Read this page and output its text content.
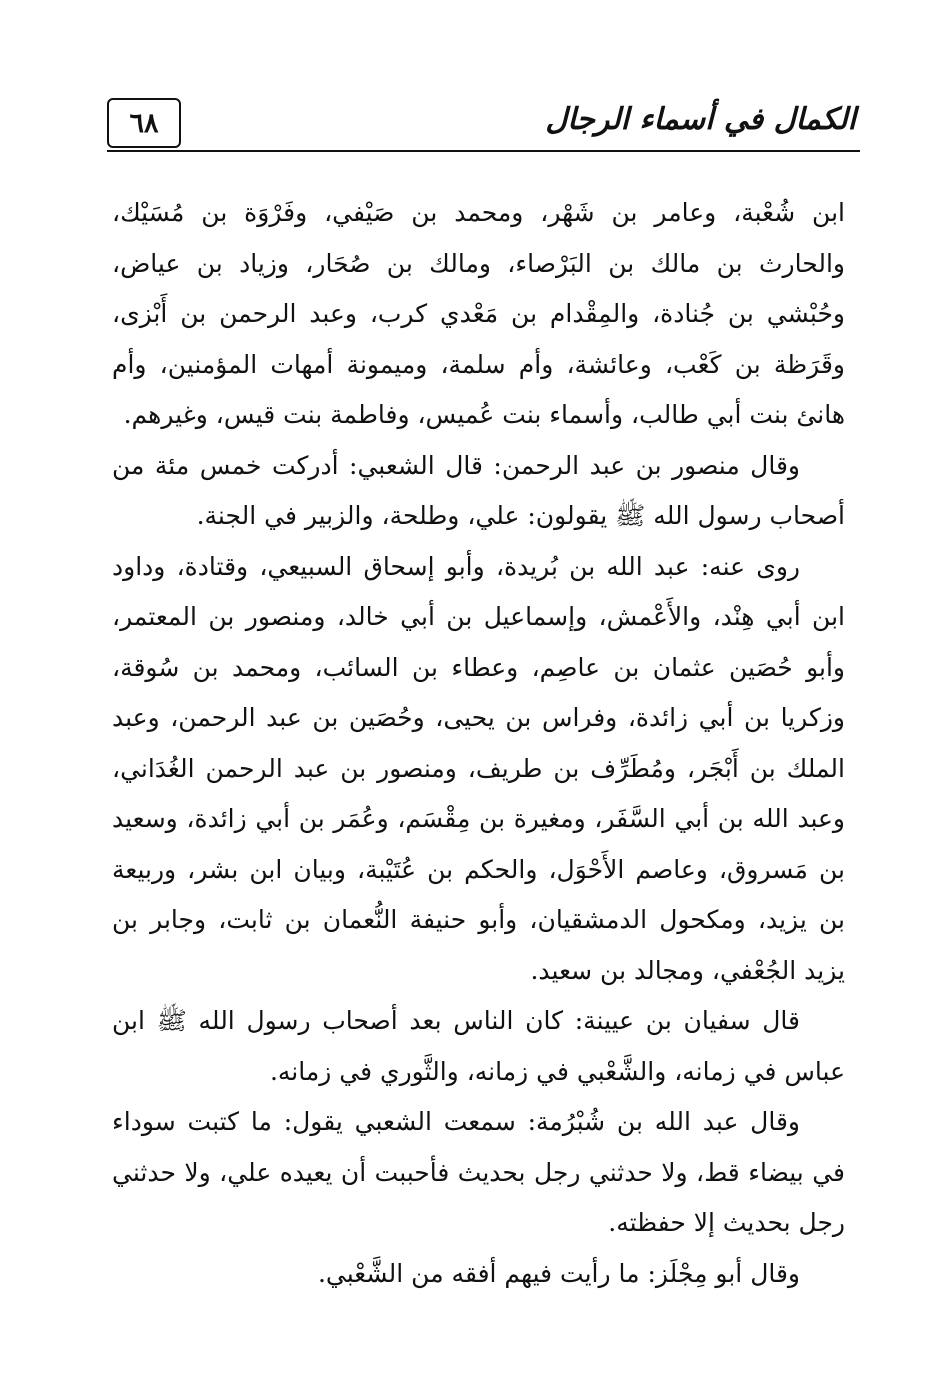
٦٨	الكمال في أسماء الرجال

ابن شُعْبة، وعامر بن شَهْر، ومحمد بن صَيْفي، وفَرْوَة بن مُسَيْك، والحارث بن مالك بن البَرْصاء، ومالك بن صُحَار، وزياد بن عياض، وحُبْشي بن جُنادة، والمِقْدام بن مَعْدي كرب، وعبد الرحمن بن أَبْزى، وقَرَظة بن كَعْب، وعائشة، وأم سلمة، وميمونة أمهات المؤمنين، وأم هانئ بنت أبي طالب، وأسماء بنت عُميس، وفاطمة بنت قيس، وغيرهم.

وقال منصور بن عبد الرحمن: قال الشعبي: أدركت خمس مئة من أصحاب رسول الله ﷺ يقولون: علي، وطلحة، والزبير في الجنة.

روى عنه: عبد الله بن بُريدة، وأبو إسحاق السبيعي، وقتادة، وداود ابن أبي هِنْد، والأَعْمش، وإسماعيل بن أبي خالد، ومنصور بن المعتمر، وأبو حُصَين عثمان بن عاصِم، وعطاء بن السائب، ومحمد بن سُوقة، وزكريا بن أبي زائدة، وفراس بن يحيى، وحُصَين بن عبد الرحمن، وعبد الملك بن أَبْجَر، ومُطَرِّف بن طريف، ومنصور بن عبد الرحمن الغُدَاني، وعبد الله بن أبي السَّفَر، ومغيرة بن مِقْسَم، وعُمَر بن أبي زائدة، وسعيد بن مَسروق، وعاصم الأَحْوَل، والحكم بن عُتَيْبة، وبيان ابن بشر، وربيعة بن يزيد، ومكحول الدمشقيان، وأبو حنيفة النُّعمان بن ثابت، وجابر بن يزيد الجُعْفي، ومجالد بن سعيد.

قال سفيان بن عيينة: كان الناس بعد أصحاب رسول الله ﷺ ابن عباس في زمانه، والشَّعْبي في زمانه، والثَّوري في زمانه.

وقال عبد الله بن شُبْرُمة: سمعت الشعبي يقول: ما كتبت سوداء في بيضاء قط، ولا حدثني رجل بحديث فأحببت أن يعيده علي، ولا حدثني رجل بحديث إلا حفظته.

وقال أبو مِجْلَز: ما رأيت فيهم أفقه من الشَّعْبي.
